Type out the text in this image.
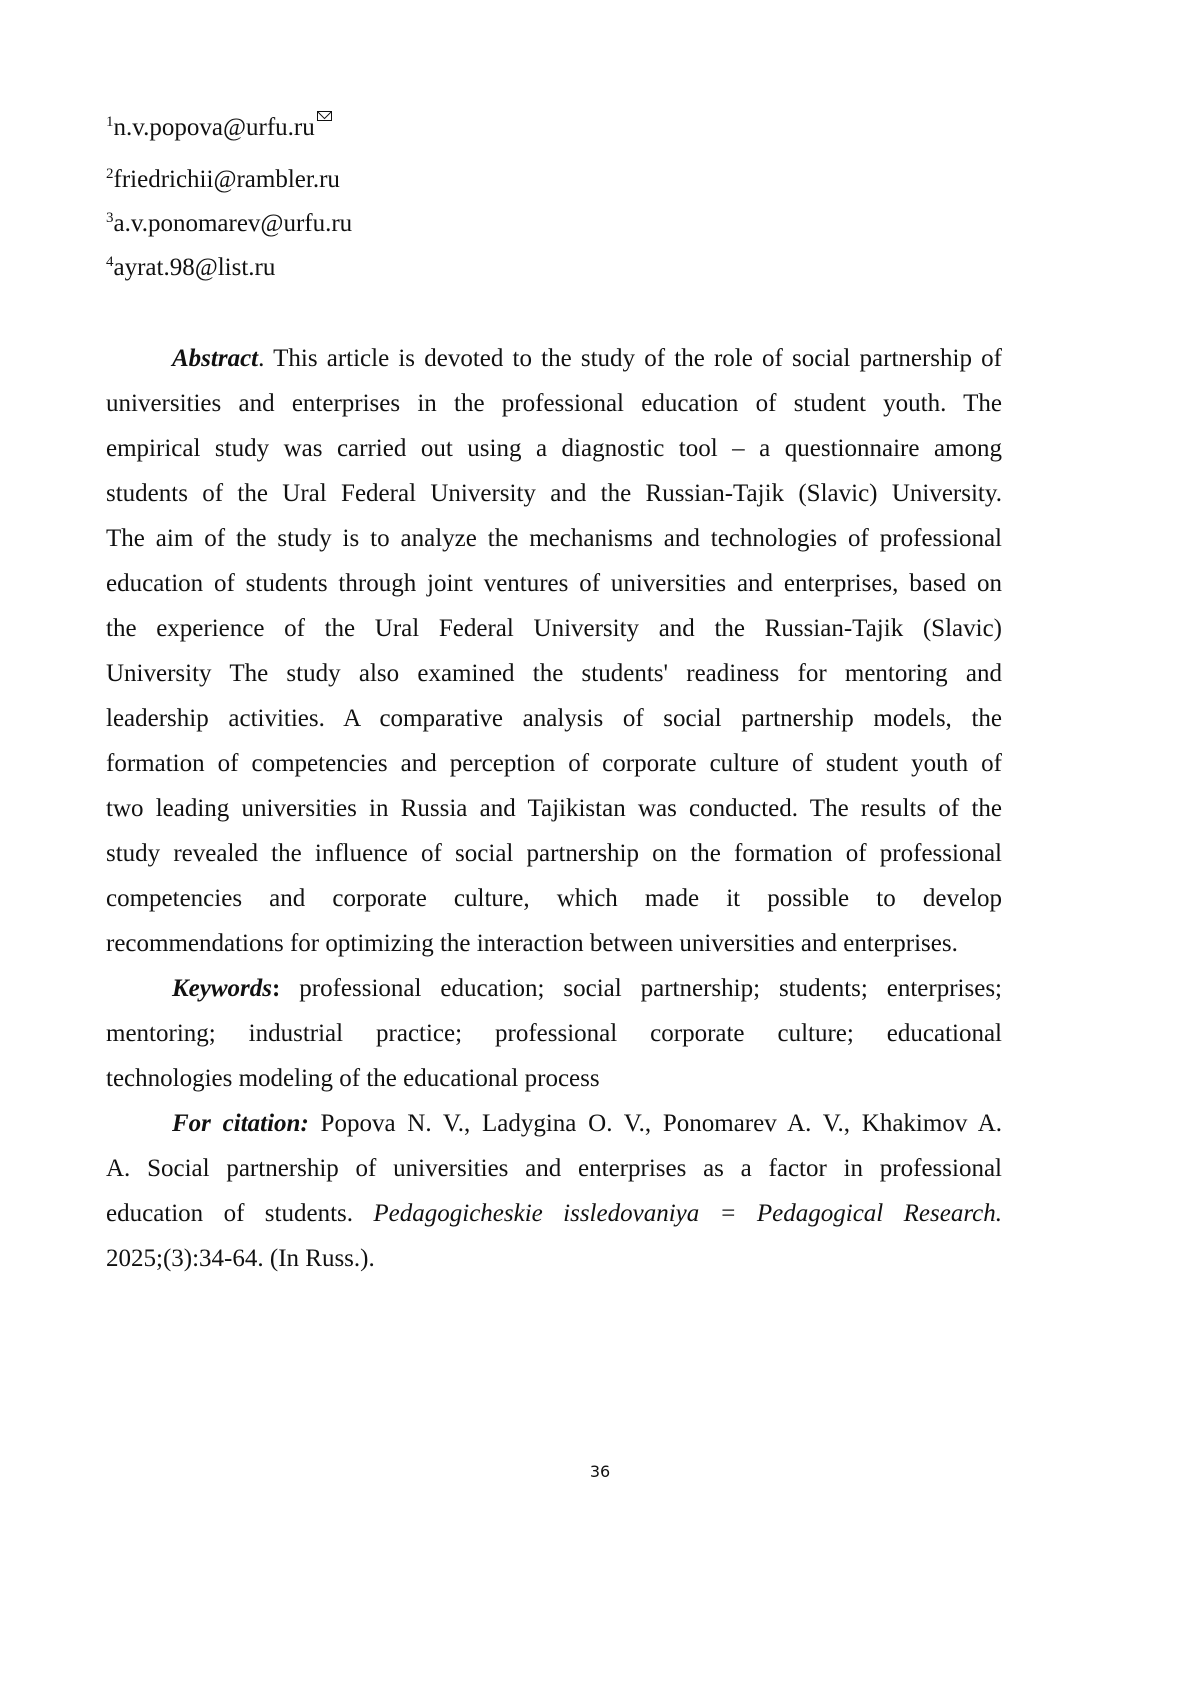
$^1$n.v.popova@urfu.ru
$^2$friedrichii@rambler.ru
$^3$a.v.ponomarev@urfu.ru
$^4$ayrat.98@list.ru
Abstract. This article is devoted to the study of the role of social partnership of
universities and enterprises in the professional education of student youth. The
empirical study was carried out using a diagnostic tool – a questionnaire among
students of the Ural Federal University and the Russian-Tajik (Slavic) University.
The aim of the study is to analyze the mechanisms and technologies of professional
education of students through joint ventures of universities and enterprises, based on
the experience of the Ural Federal University and the Russian-Tajik (Slavic)
University The study also examined the students' readiness for mentoring and
leadership activities. A comparative analysis of social partnership models, the
formation of competencies and perception of corporate culture of student youth of
two leading universities in Russia and Tajikistan was conducted. The results of the
study revealed the influence of social partnership on the formation of professional
competencies and corporate culture, which made it possible to develop
recommendations for optimizing the interaction between universities and enterprises.
Keywords: professional education; social partnership; students; enterprises;
mentoring; industrial practice; professional corporate culture; educational
technologies modeling of the educational process
For citation: Popova N. V., Ladygina O. V., Ponomarev A. V., Khakimov A.
A. Social partnership of universities and enterprises as a factor in professional
education of students. Pedagogicheskie issledovaniya = Pedagogical Research.
2025;(3):34-64. (In Russ.).
36
